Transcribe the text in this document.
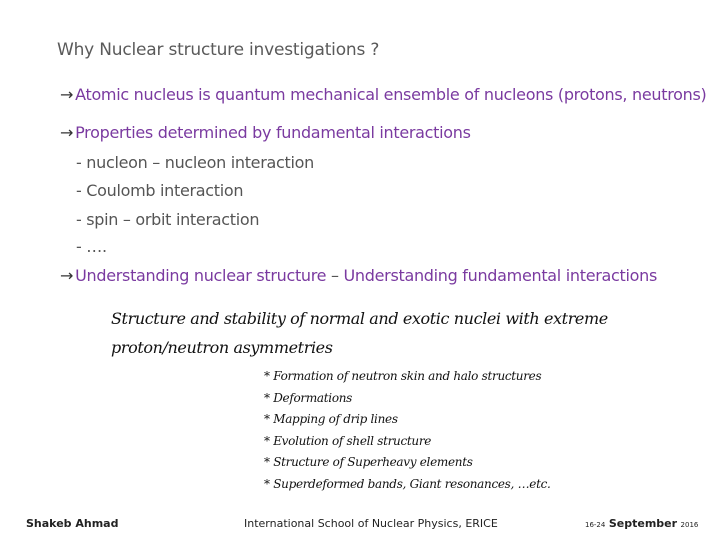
Why Nuclear structure investigations ?
→ Atomic nucleus is quantum mechanical ensemble of nucleons (protons, neutrons)
→ Properties determined by fundamental interactions
- nucleon – nucleon interaction
- Coulomb interaction
- spin – orbit interaction
- ….
→ Understanding nuclear structure – Understanding fundamental interactions
Structure and stability of normal and exotic nuclei with extreme
proton/neutron asymmetries
* Formation of neutron skin and halo structures
* Deformations
* Mapping of drip lines
* Evolution of shell structure
* Structure of Superheavy elements
* Superdeformed bands, Giant resonances, …etc.
Shakeb Ahmad	International School of Nuclear Physics, ERICE	16-24 September 2016
